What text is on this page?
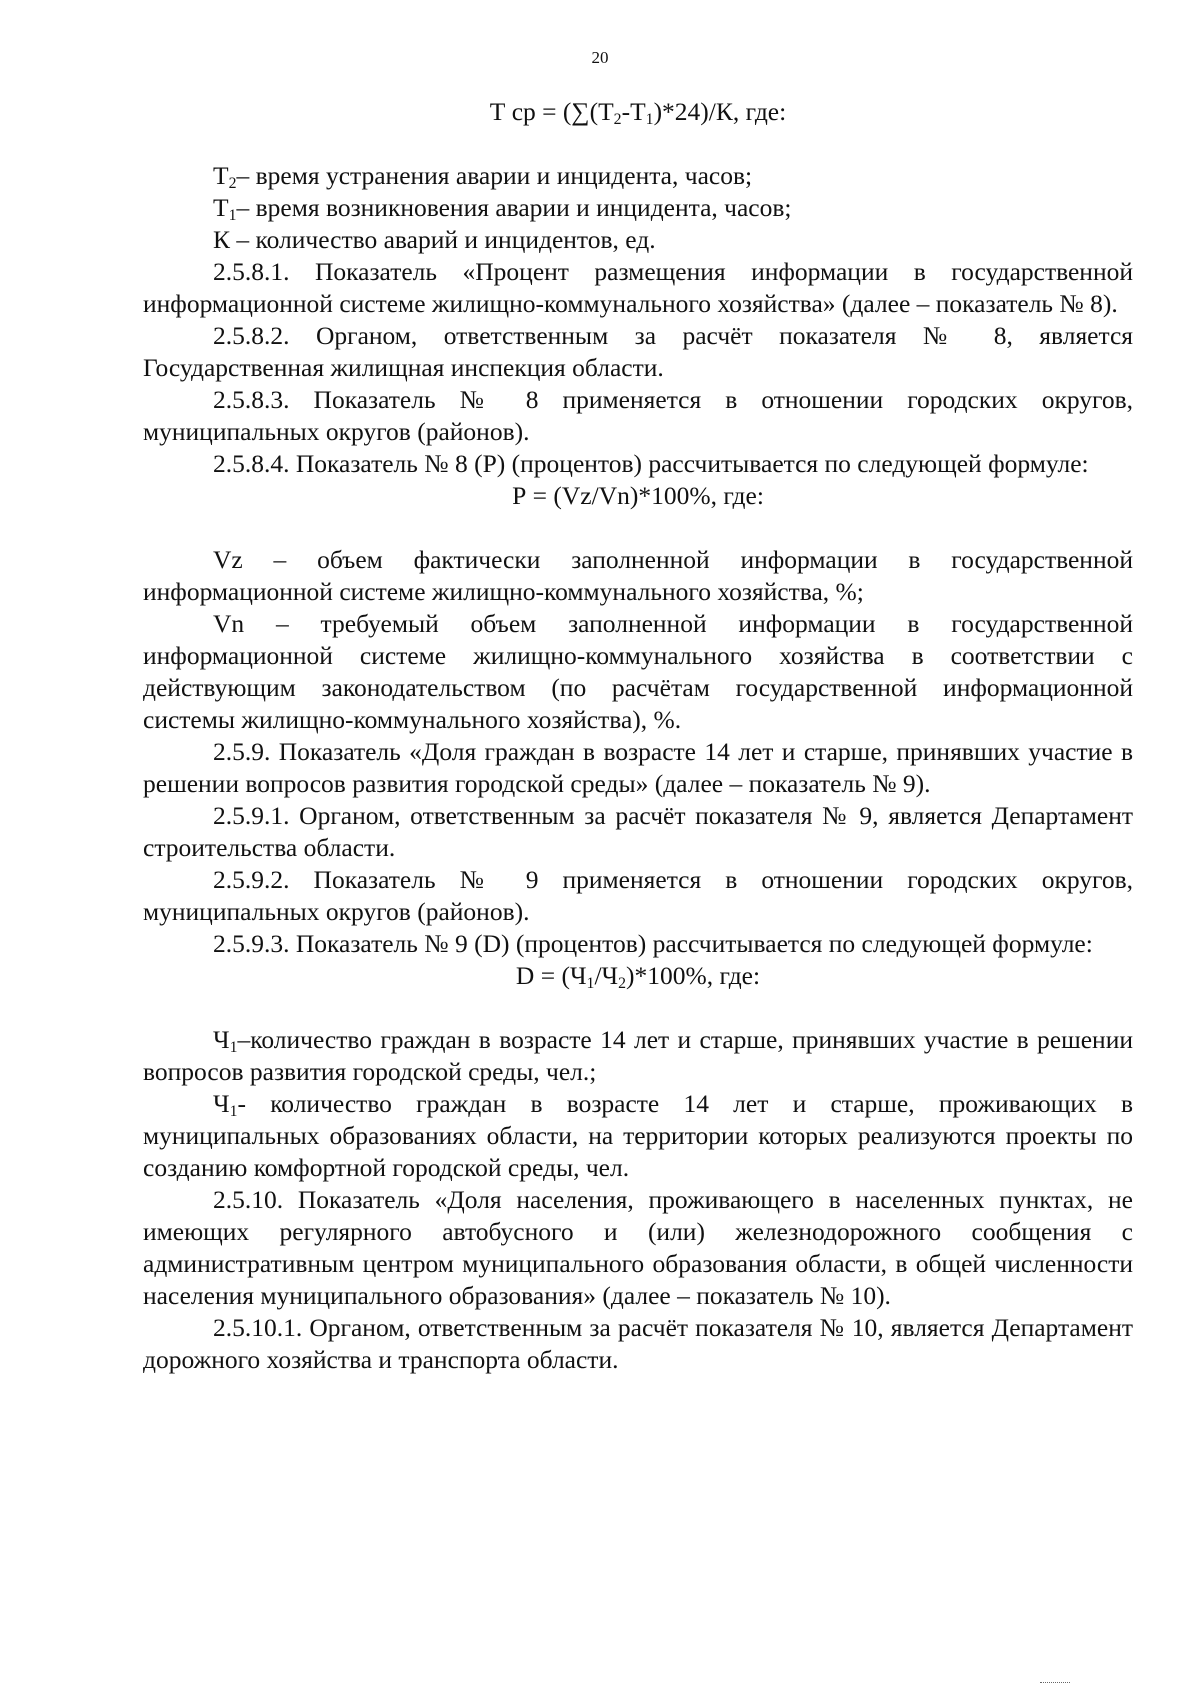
20

Т ср = $(\sum(Т_2-Т_1)*24)/К$, где:

$Т_2-$ время устранения аварии и инцидента, часов;

$Т_1-$ время возникновения аварии и инцидента, часов;

К – количество аварий и инцидентов, ед.

2.5.8.1. Показатель «Процент размещения информации в государственной информационной системе жилищно-коммунального хозяйства» (далее – показатель № 8).

2.5.8.2. Органом, ответственным за расчёт показателя № 8, является Государственная жилищная инспекция области.

2.5.8.3. Показатель № 8 применяется в отношении городских округов, муниципальных округов (районов).

2.5.8.4. Показатель № 8 (Р) (процентов) рассчитывается по следующей формуле:

Р = (Vz/Vn)*100%, где:

Vz – объем фактически заполненной информации в государственной информационной системе жилищно-коммунального хозяйства, %;

Vn – требуемый объем заполненной информации в государственной информационной системе жилищно-коммунального хозяйства в соответствии с действующим законодательством (по расчётам государственной информационной системы жилищно-коммунального хозяйства), %.

2.5.9. Показатель «Доля граждан в возрасте 14 лет и старше, принявших участие в решении вопросов развития городской среды» (далее – показатель № 9).

2.5.9.1. Органом, ответственным за расчёт показателя № 9, является Департамент строительства области.

2.5.9.2. Показатель № 9 применяется в отношении городских округов, муниципальных округов (районов).

2.5.9.3. Показатель № 9 (D) (процентов) рассчитывается по следующей формуле:

$D = (Ч_1/Ч_2)*100\%$, где:

$Ч_1$–количество граждан в возрасте 14 лет и старше, принявших участие в решении вопросов развития городской среды, чел.;

$Ч_1-$ количество граждан в возрасте 14 лет и старше, проживающих в муниципальных образованиях области, на территории которых реализуются проекты по созданию комфортной городской среды, чел.

2.5.10. Показатель «Доля населения, проживающего в населенных пунктах, не имеющих регулярного автобусного и (или) железнодорожного сообщения с административным центром муниципального образования области, в общей численности населения муниципального образования» (далее – показатель № 10).

2.5.10.1. Органом, ответственным за расчёт показателя № 10, является Департамент дорожного хозяйства и транспорта области.
